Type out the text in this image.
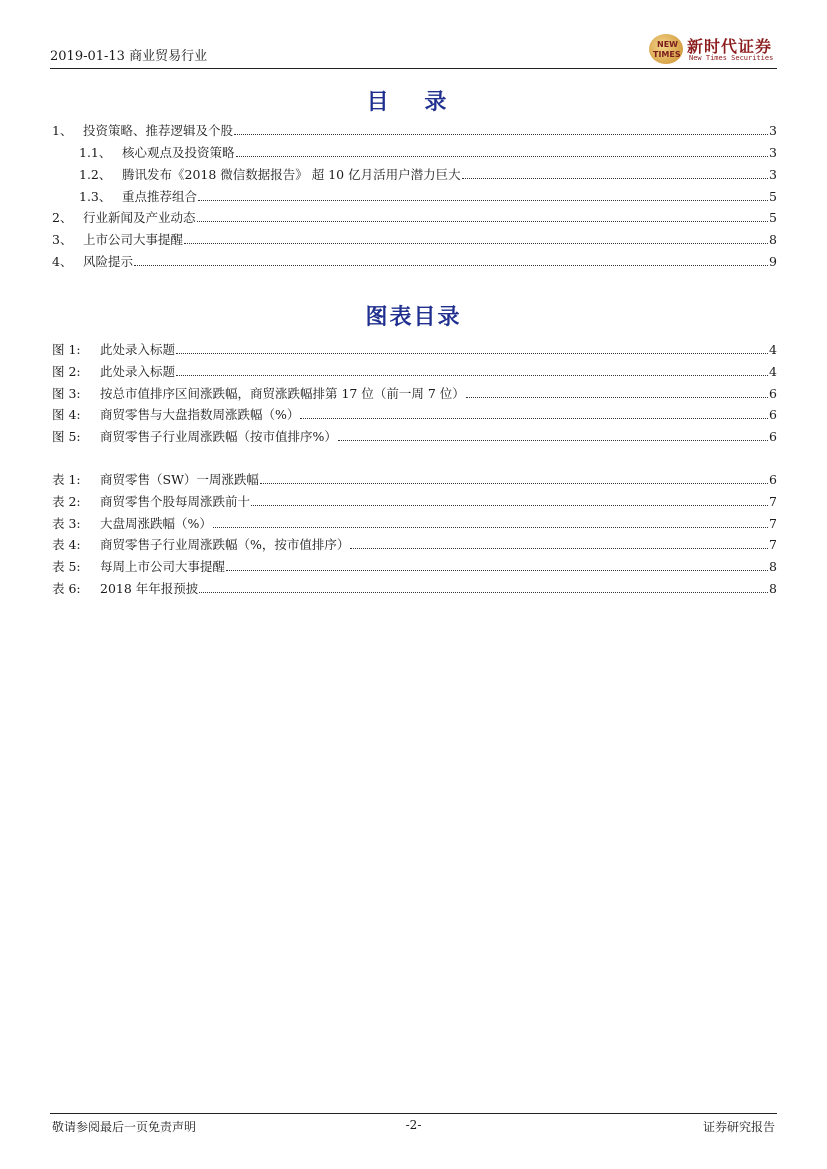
2019-01-13 商业贸易行业
NEW
TIMES 新时代证券
New Times Securities
目 录
1、 投资策略、推荐逻辑及个股	3
1.1、 核心观点及投资策略	3
1.2、 腾讯发布《2018 微信数据报告》 超 10 亿月活用户潜力巨大	3
1.3、 重点推荐组合	5
2、 行业新闻及产业动态	5
3、 上市公司大事提醒	8
4、 风险提示	9
图表目录
图 1:	此处录入标题	4
图 2:	此处录入标题	4
图 3:	按总市值排序区间涨跌幅，商贸涨跌幅排第 17 位（前一周 7 位）	6
图 4:	商贸零售与大盘指数周涨跌幅（%）	6
图 5:	商贸零售子行业周涨跌幅（按市值排序%）	6
表 1:	商贸零售（SW）一周涨跌幅	6
表 2:	商贸零售个股每周涨跌前十	7
表 3:	大盘周涨跌幅（%）	7
表 4:	商贸零售子行业周涨跌幅（%，按市值排序）	7
表 5:	每周上市公司大事提醒	8
表 6:	2018 年年报预披	8
敬请参阅最后一页免责声明	-2-	证券研究报告
